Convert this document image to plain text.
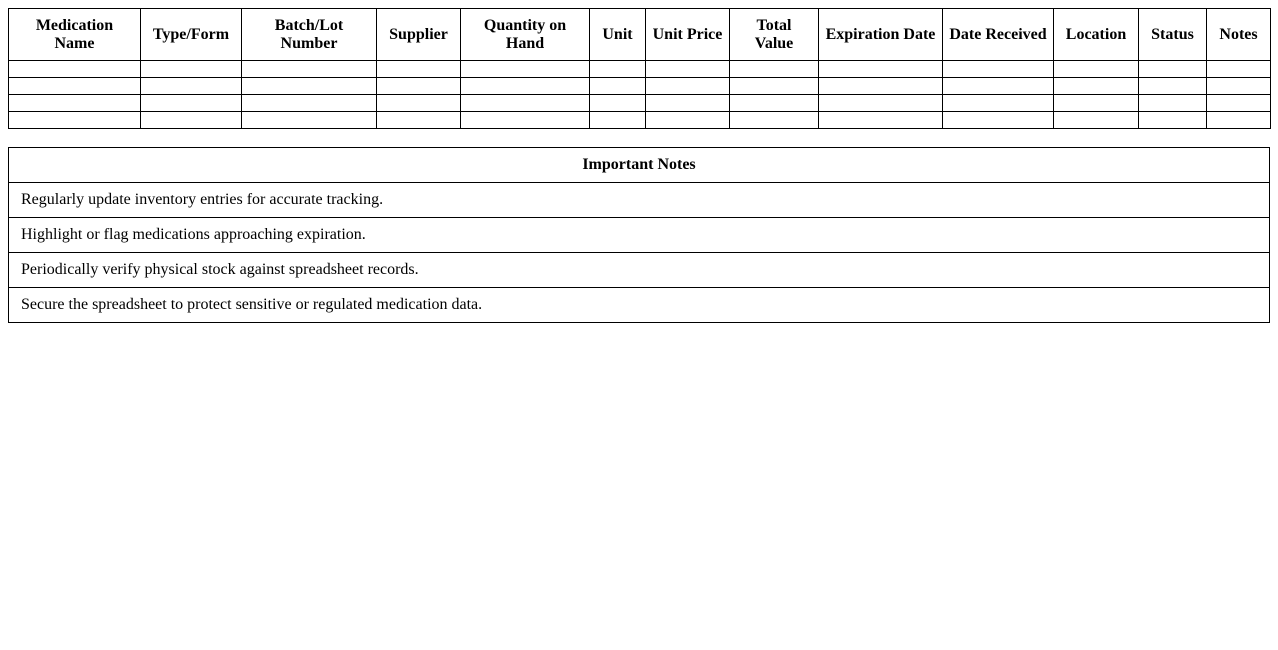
Medication Name	Type/Form	Batch/Lot Number	Supplier	Quantity on Hand	Unit	Unit Price	Total Value	Expiration Date	Date Received	Location	Status	Notes

Important Notes
Regularly update inventory entries for accurate tracking.
Highlight or flag medications approaching expiration.
Periodically verify physical stock against spreadsheet records.
Secure the spreadsheet to protect sensitive or regulated medication data.
